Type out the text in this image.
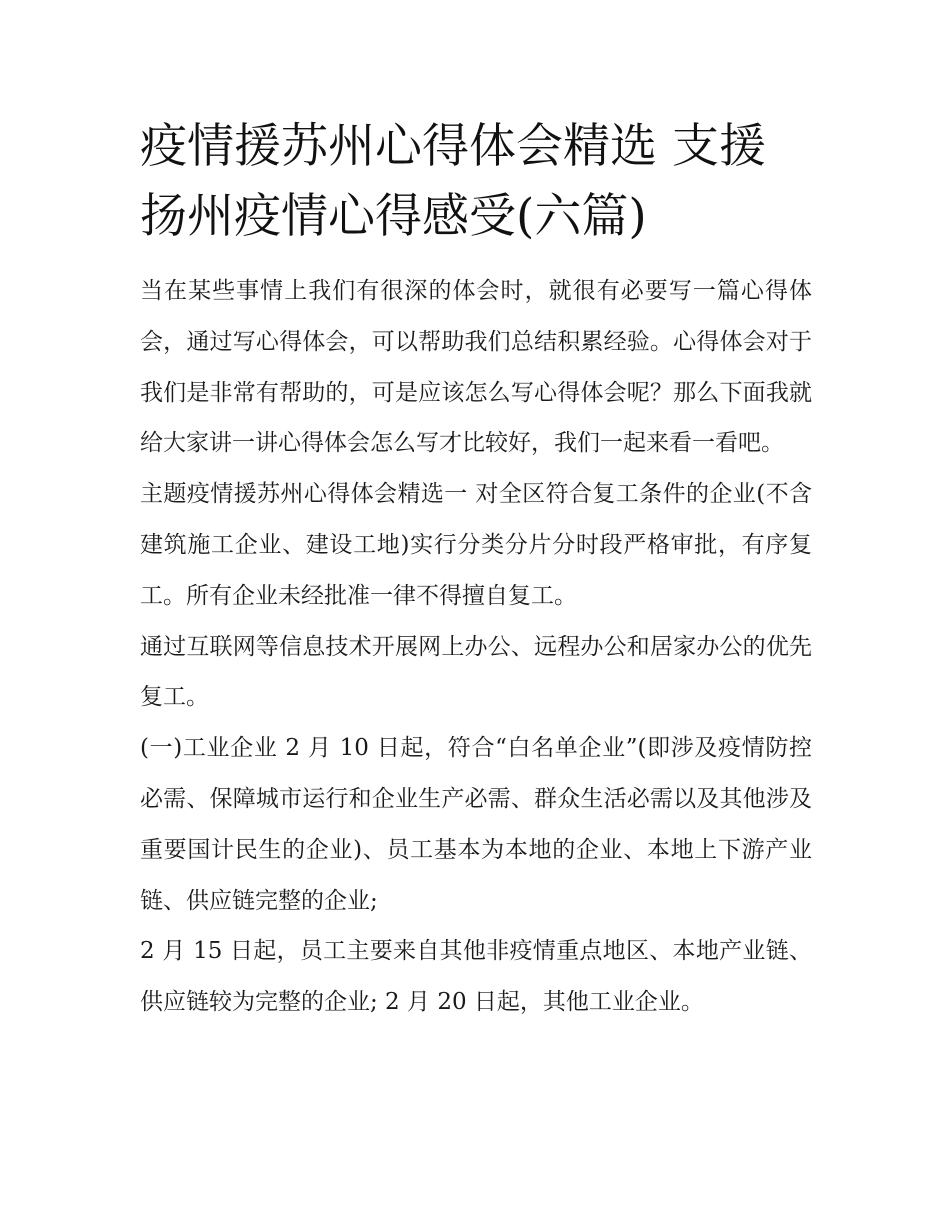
疫情援苏州心得体会精选 支援扬州疫情心得感受(六篇)

当在某些事情上我们有很深的体会时，就很有必要写一篇心得体会，通过写心得体会，可以帮助我们总结积累经验。心得体会对于我们是非常有帮助的，可是应该怎么写心得体会呢？那么下面我就给大家讲一讲心得体会怎么写才比较好，我们一起来看一看吧。

主题疫情援苏州心得体会精选一 对全区符合复工条件的企业(不含建筑施工企业、建设工地)实行分类分片分时段严格审批，有序复工。所有企业未经批准一律不得擅自复工。

通过互联网等信息技术开展网上办公、远程办公和居家办公的优先复工。

(一)工业企业 2 月 10 日起，符合“白名单企业”(即涉及疫情防控必需、保障城市运行和企业生产必需、群众生活必需以及其他涉及重要国计民生的企业)、员工基本为本地的企业、本地上下游产业链、供应链完整的企业;

2 月 15 日起，员工主要来自其他非疫情重点地区、本地产业链、供应链较为完整的企业; 2 月 20 日起，其他工业企业。
